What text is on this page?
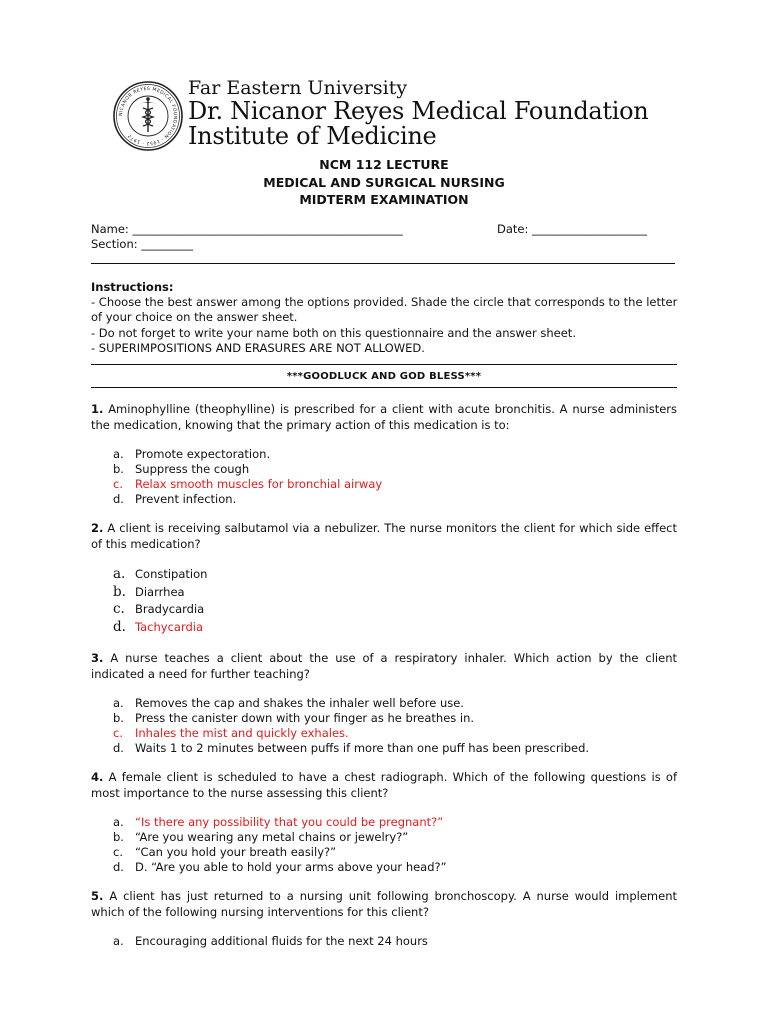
NICANOR REYES MEDICAL FOUNDATION · 1952 · 1972
Far Eastern University
Dr. Nicanor Reyes Medical Foundation
Institute of Medicine
NCM 112 LECTURE
MEDICAL AND SURGICAL NURSING
MIDTERM EXAMINATION
Name: _______________________________________________	Date: ____________________
Section: _________
Instructions:
- Choose the best answer among the options provided. Shade the circle that corresponds to the letter of your choice on the answer sheet.
- Do not forget to write your name both on this questionnaire and the answer sheet.
- SUPERIMPOSITIONS AND ERASURES ARE NOT ALLOWED.
***GOODLUCK AND GOD BLESS***
1. Aminophylline (theophylline) is prescribed for a client with acute bronchitis. A nurse administers the medication, knowing that the primary action of this medication is to:
a. Promote expectoration.
b. Suppress the cough
c. Relax smooth muscles for bronchial airway
d. Prevent infection.
2. A client is receiving salbutamol via a nebulizer. The nurse monitors the client for which side effect of this medication?
a. Constipation
b. Diarrhea
c. Bradycardia
d. Tachycardia
3. A nurse teaches a client about the use of a respiratory inhaler. Which action by the client indicated a need for further teaching?
a. Removes the cap and shakes the inhaler well before use.
b. Press the canister down with your finger as he breathes in.
c. Inhales the mist and quickly exhales.
d. Waits 1 to 2 minutes between puffs if more than one puff has been prescribed.
4. A female client is scheduled to have a chest radiograph. Which of the following questions is of most importance to the nurse assessing this client?
a. “Is there any possibility that you could be pregnant?”
b. “Are you wearing any metal chains or jewelry?”
c. “Can you hold your breath easily?”
d. D. “Are you able to hold your arms above your head?”
5. A client has just returned to a nursing unit following bronchoscopy. A nurse would implement which of the following nursing interventions for this client?
a. Encouraging additional fluids for the next 24 hours
